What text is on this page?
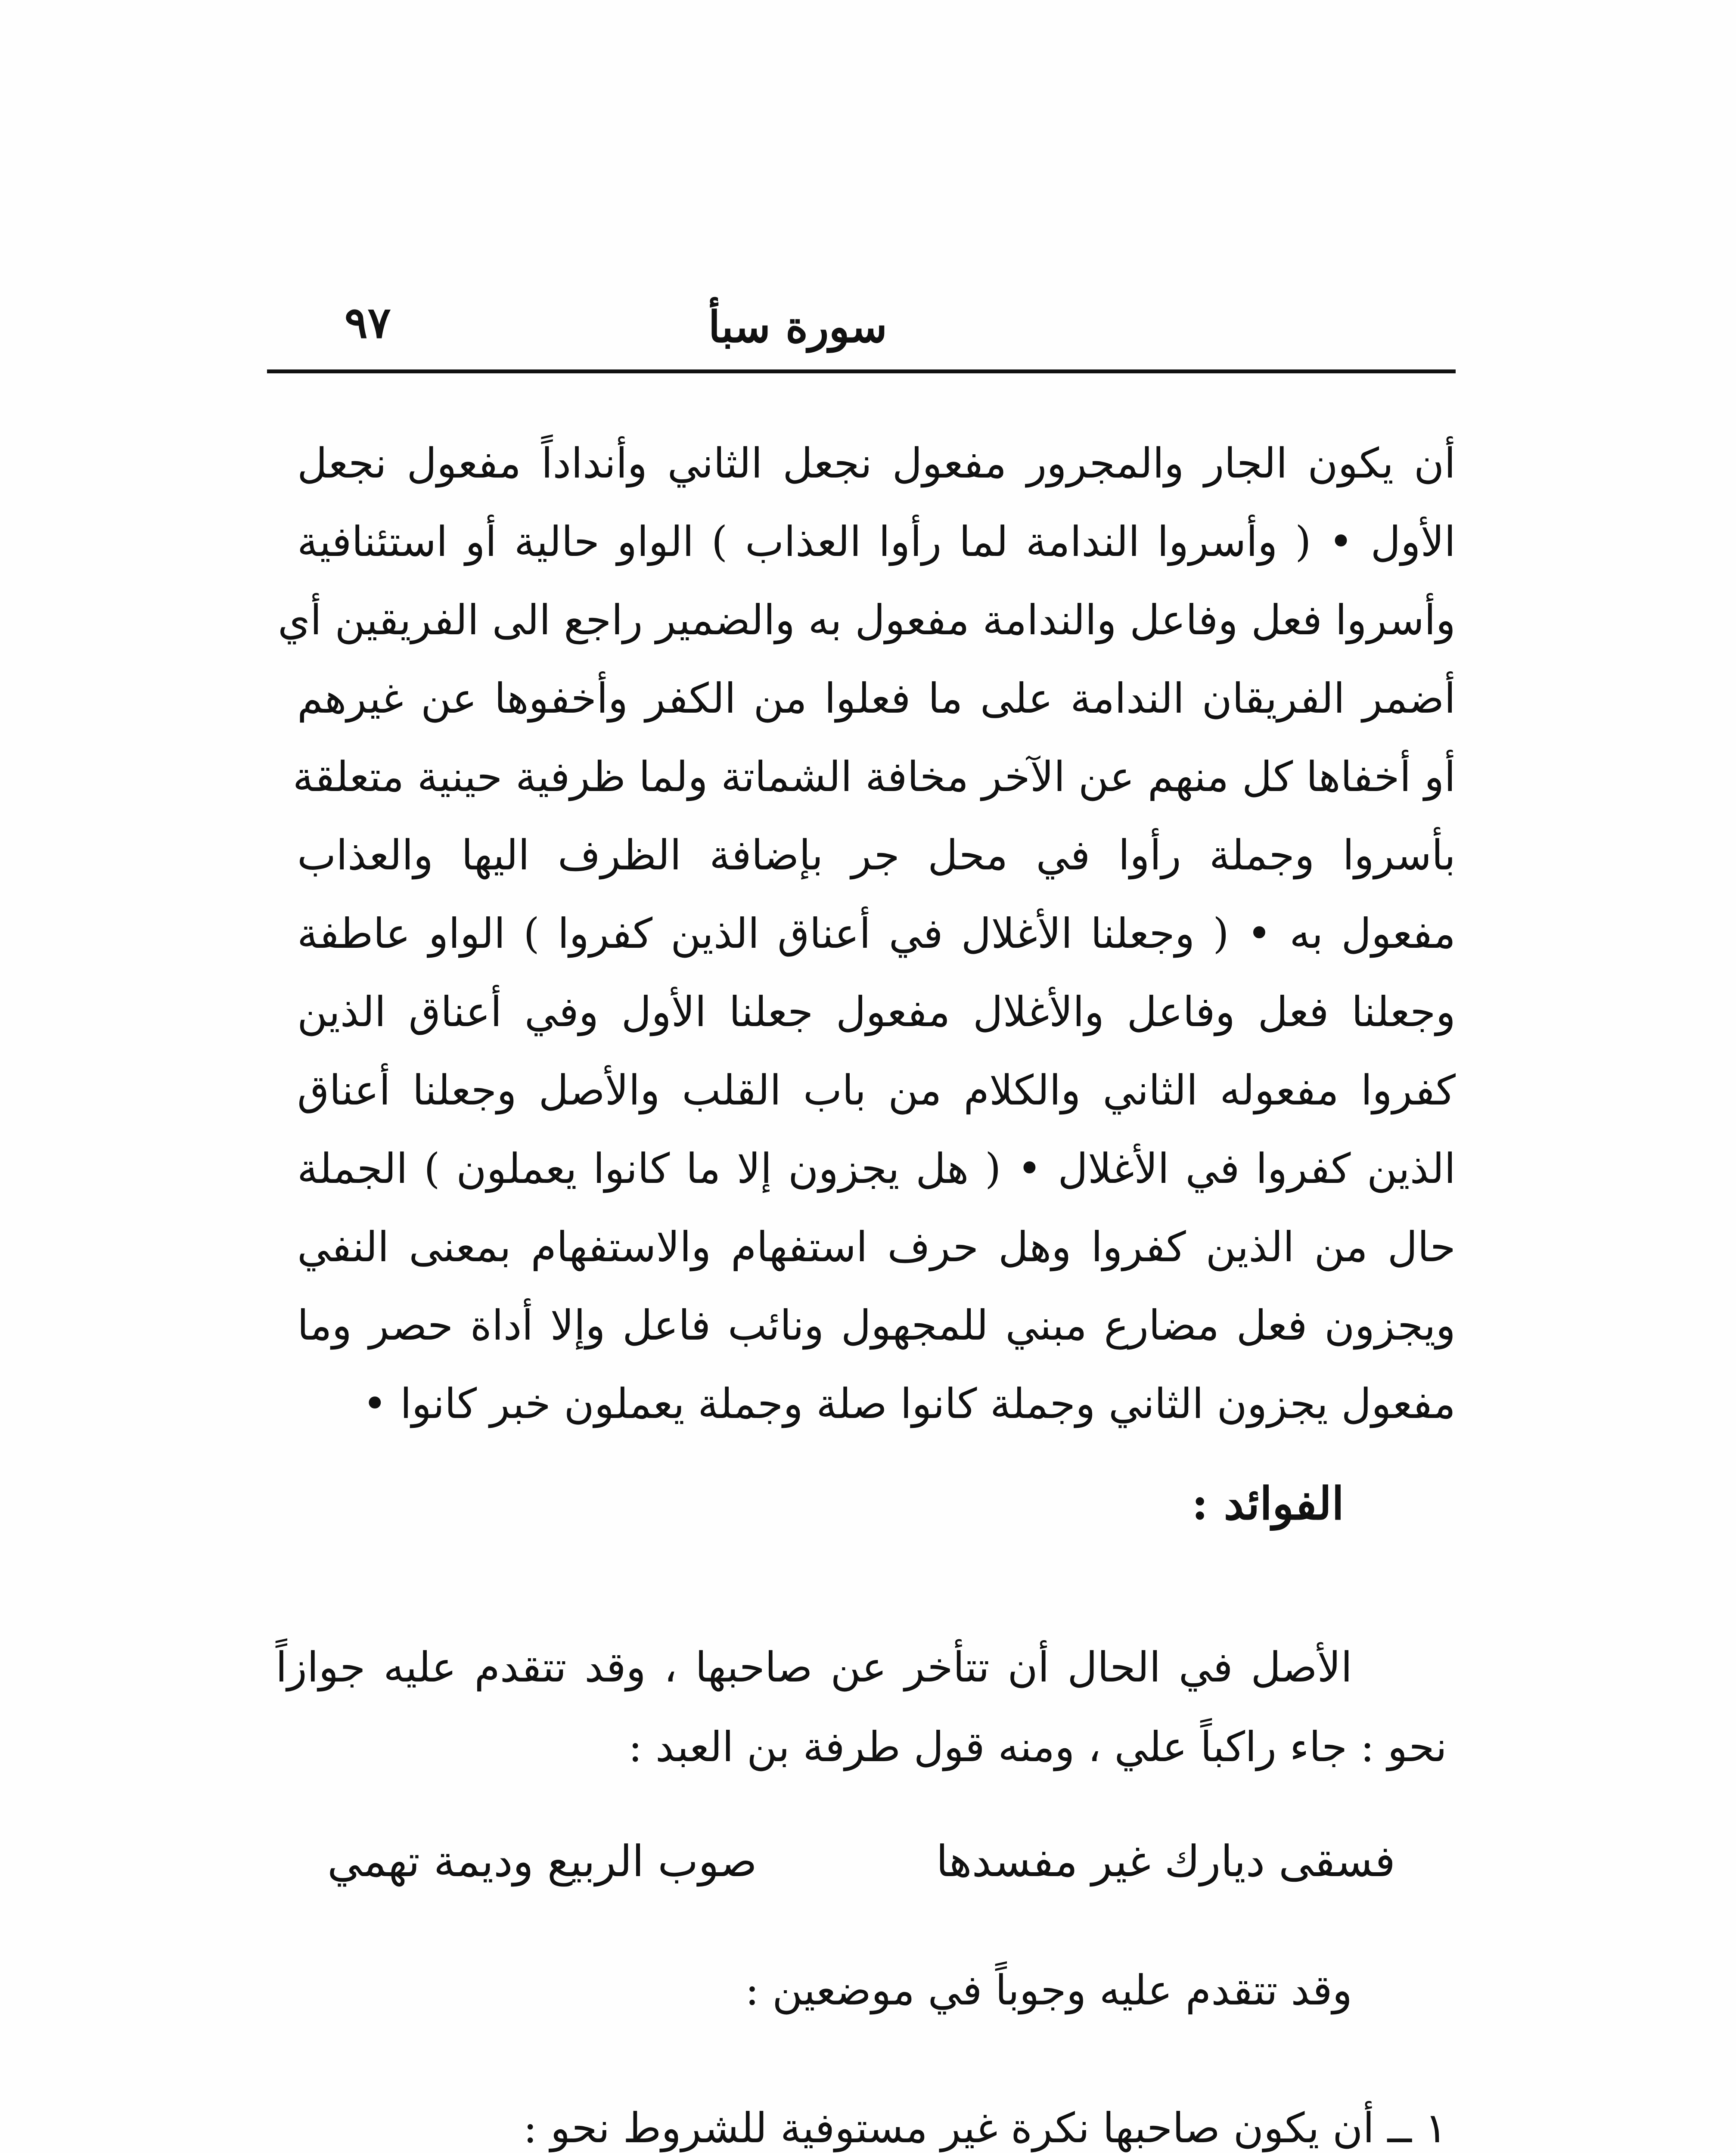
سورة سبأ
٩٧
أن يكون الجار والمجرور مفعول نجعل الثاني وأنداداً مفعول نجعل
الأول • ( وأسروا الندامة لما رأوا العذاب ) الواو حالية أو استئنافية
وأسروا فعل وفاعل والندامة مفعول به والضمير راجع الى الفريقين أي
أضمر الفريقان الندامة على ما فعلوا من الكفر وأخفوها عن غيرهم
أو أخفاها كل منهم عن الآخر مخافة الشماتة ولما ظرفية حينية متعلقة
بأسروا وجملة رأوا في محل جر بإضافة الظرف اليها والعذاب
مفعول به • ( وجعلنا الأغلال في أعناق الذين كفروا ) الواو عاطفة
وجعلنا فعل وفاعل والأغلال مفعول جعلنا الأول وفي أعناق الذين
كفروا مفعوله الثاني والكلام من باب القلب والأصل وجعلنا أعناق
الذين كفروا في الأغلال • ( هل يجزون إلا ما كانوا يعملون ) الجملة
حال من الذين كفروا وهل حرف استفهام والاستفهام بمعنى النفي
ويجزون فعل مضارع مبني للمجهول ونائب فاعل وإلا أداة حصر وما
مفعول يجزون الثاني وجملة كانوا صلة وجملة يعملون خبر كانوا •
الفوائد :
الأصل في الحال أن تتأخر عن صاحبها ، وقد تتقدم عليه جوازاً
نحو : جاء راكباً علي ، ومنه قول طرفة بن العبد :
فسقى ديارك غير مفسدها
صوب الربيع وديمة تهمي
وقد تتقدم عليه وجوباً في موضعين :
١ ــ أن يكون صاحبها نكرة غير مستوفية للشروط نحو :
